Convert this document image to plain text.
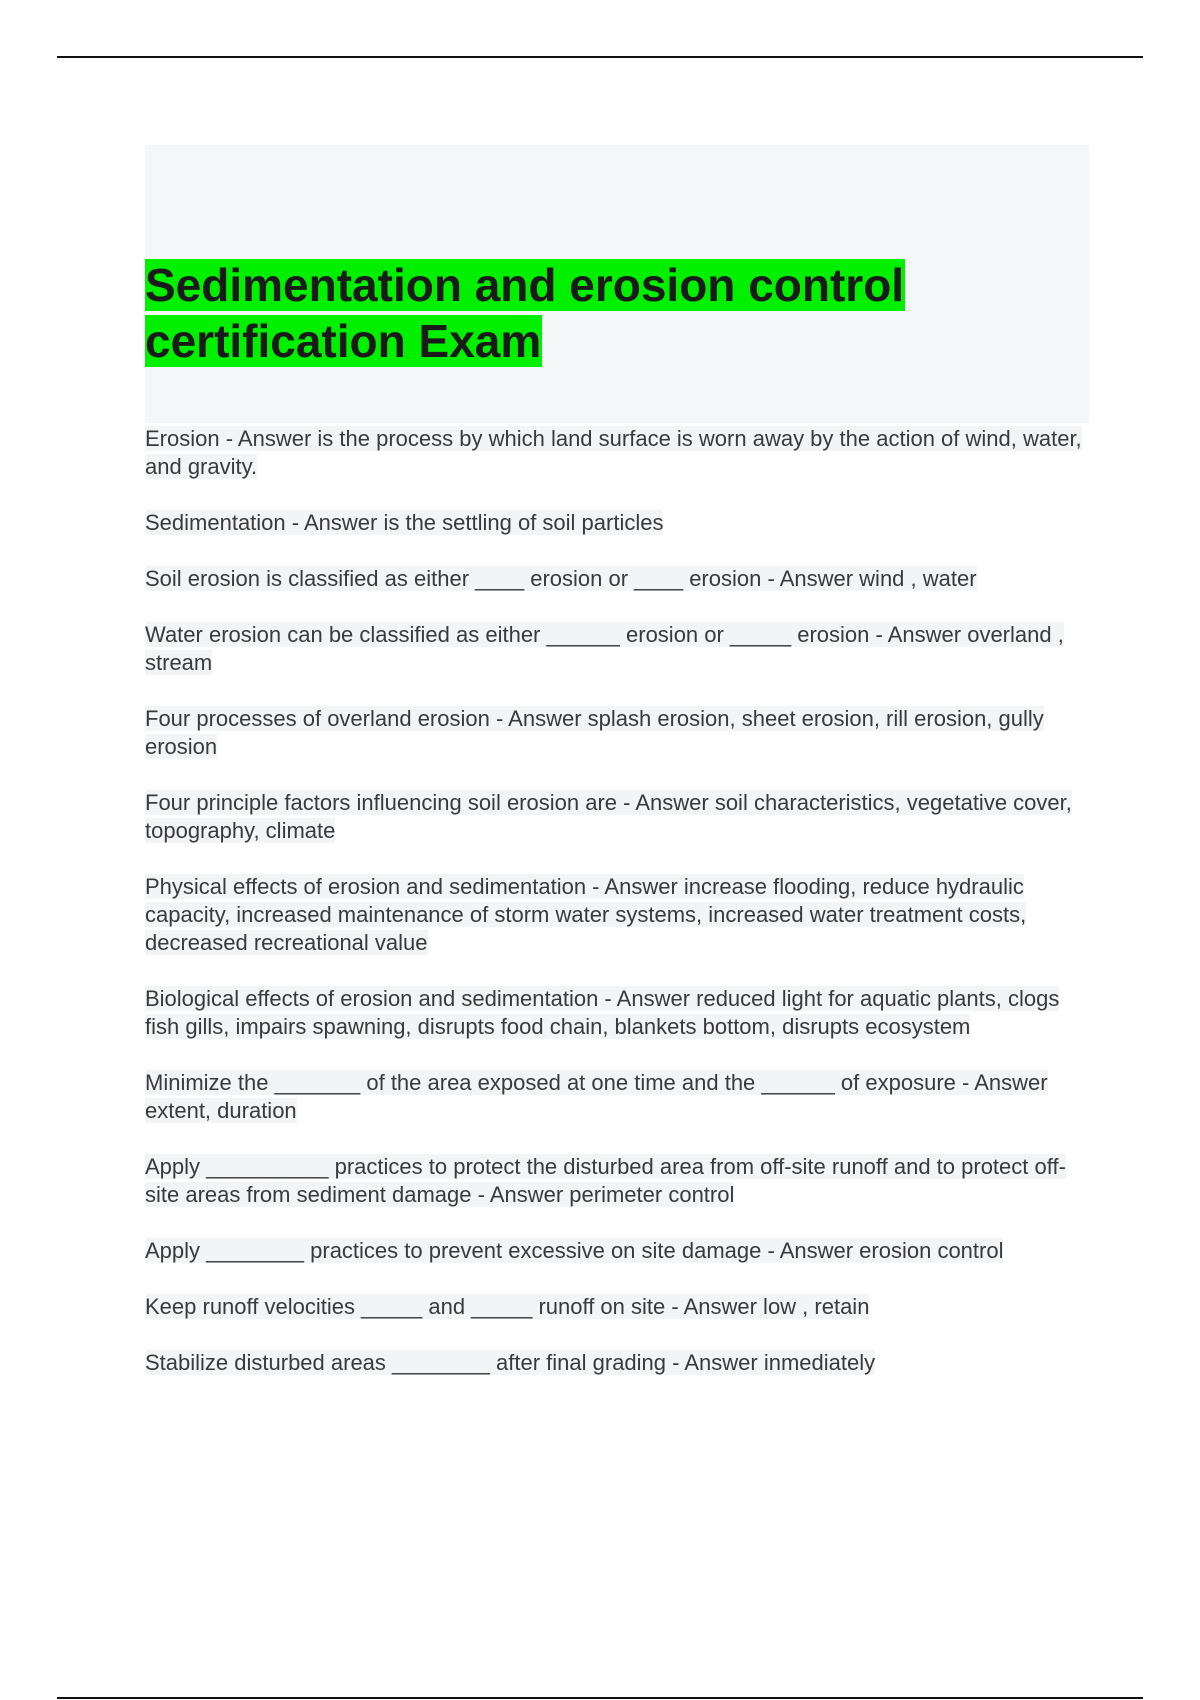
Sedimentation and erosion control
certification Exam
Erosion - Answer is the process by which land surface is worn away by the action of wind, water, and gravity.
Sedimentation - Answer is the settling of soil particles
Soil erosion is classified as either ____ erosion or ____ erosion - Answer wind , water
Water erosion can be classified as either ______ erosion or _____ erosion - Answer overland , stream
Four processes of overland erosion - Answer splash erosion, sheet erosion, rill erosion, gully erosion
Four principle factors influencing soil erosion are - Answer soil characteristics, vegetative cover, topography, climate
Physical effects of erosion and sedimentation - Answer increase flooding, reduce hydraulic capacity, increased maintenance of storm water systems, increased water treatment costs, decreased recreational value
Biological effects of erosion and sedimentation - Answer reduced light for aquatic plants, clogs fish gills, impairs spawning, disrupts food chain, blankets bottom, disrupts ecosystem
Minimize the _______ of the area exposed at one time and the ______ of exposure - Answer extent, duration
Apply __________ practices to protect the disturbed area from off-site runoff and to protect off-site areas from sediment damage - Answer perimeter control
Apply ________ practices to prevent excessive on site damage - Answer erosion control
Keep runoff velocities _____ and _____ runoff on site - Answer low , retain
Stabilize disturbed areas ________ after final grading - Answer inmediately
